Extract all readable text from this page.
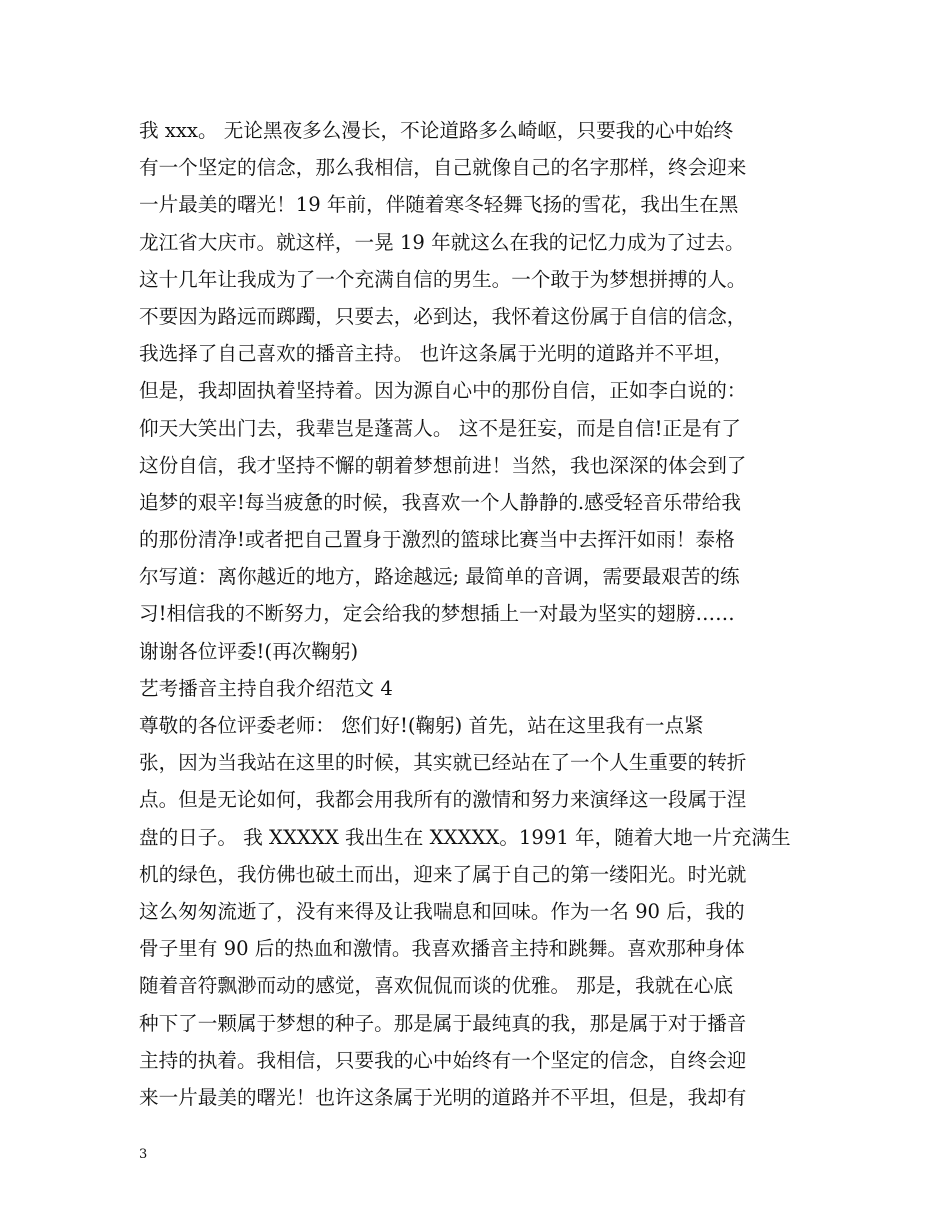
我 xxx。 无论黑夜多么漫长，不论道路多么崎岖，只要我的心中始终
有一个坚定的信念，那么我相信，自己就像自己的名字那样，终会迎来
一片最美的曙光！19 年前，伴随着寒冬轻舞飞扬的雪花，我出生在黑
龙江省大庆市。就这样，一晃 19 年就这么在我的记忆力成为了过去。
这十几年让我成为了一个充满自信的男生。一个敢于为梦想拼搏的人。
不要因为路远而踯躅，只要去，必到达，我怀着这份属于自信的信念，
我选择了自己喜欢的播音主持。 也许这条属于光明的道路并不平坦，
但是，我却固执着坚持着。因为源自心中的那份自信，正如李白说的：
仰天大笑出门去，我辈岂是蓬蒿人。 这不是狂妄，而是自信!正是有了
这份自信，我才坚持不懈的朝着梦想前进！当然，我也深深的体会到了
追梦的艰辛!每当疲惫的时候，我喜欢一个人静静的.感受轻音乐带给我
的那份清净!或者把自己置身于激烈的篮球比赛当中去挥汗如雨！泰格
尔写道：离你越近的地方，路途越远; 最简单的音调，需要最艰苦的练
习!相信我的不断努力，定会给我的梦想插上一对最为坚实的翅膀……
谢谢各位评委!(再次鞠躬)
艺考播音主持自我介绍范文 4
尊敬的各位评委老师： 您们好!(鞠躬) 首先，站在这里我有一点紧
张，因为当我站在这里的时候，其实就已经站在了一个人生重要的转折
点。但是无论如何，我都会用我所有的激情和努力来演绎这一段属于涅
盘的日子。 我 XXXXX 我出生在 XXXXX。1991 年，随着大地一片充满生
机的绿色，我仿佛也破土而出，迎来了属于自己的第一缕阳光。时光就
这么匆匆流逝了，没有来得及让我喘息和回味。作为一名 90 后，我的
骨子里有 90 后的热血和激情。我喜欢播音主持和跳舞。喜欢那种身体
随着音符飘渺而动的感觉，喜欢侃侃而谈的优雅。 那是，我就在心底
种下了一颗属于梦想的种子。那是属于最纯真的我，那是属于对于播音
主持的执着。我相信，只要我的心中始终有一个坚定的信念，自终会迎
来一片最美的曙光！也许这条属于光明的道路并不平坦，但是，我却有
3
